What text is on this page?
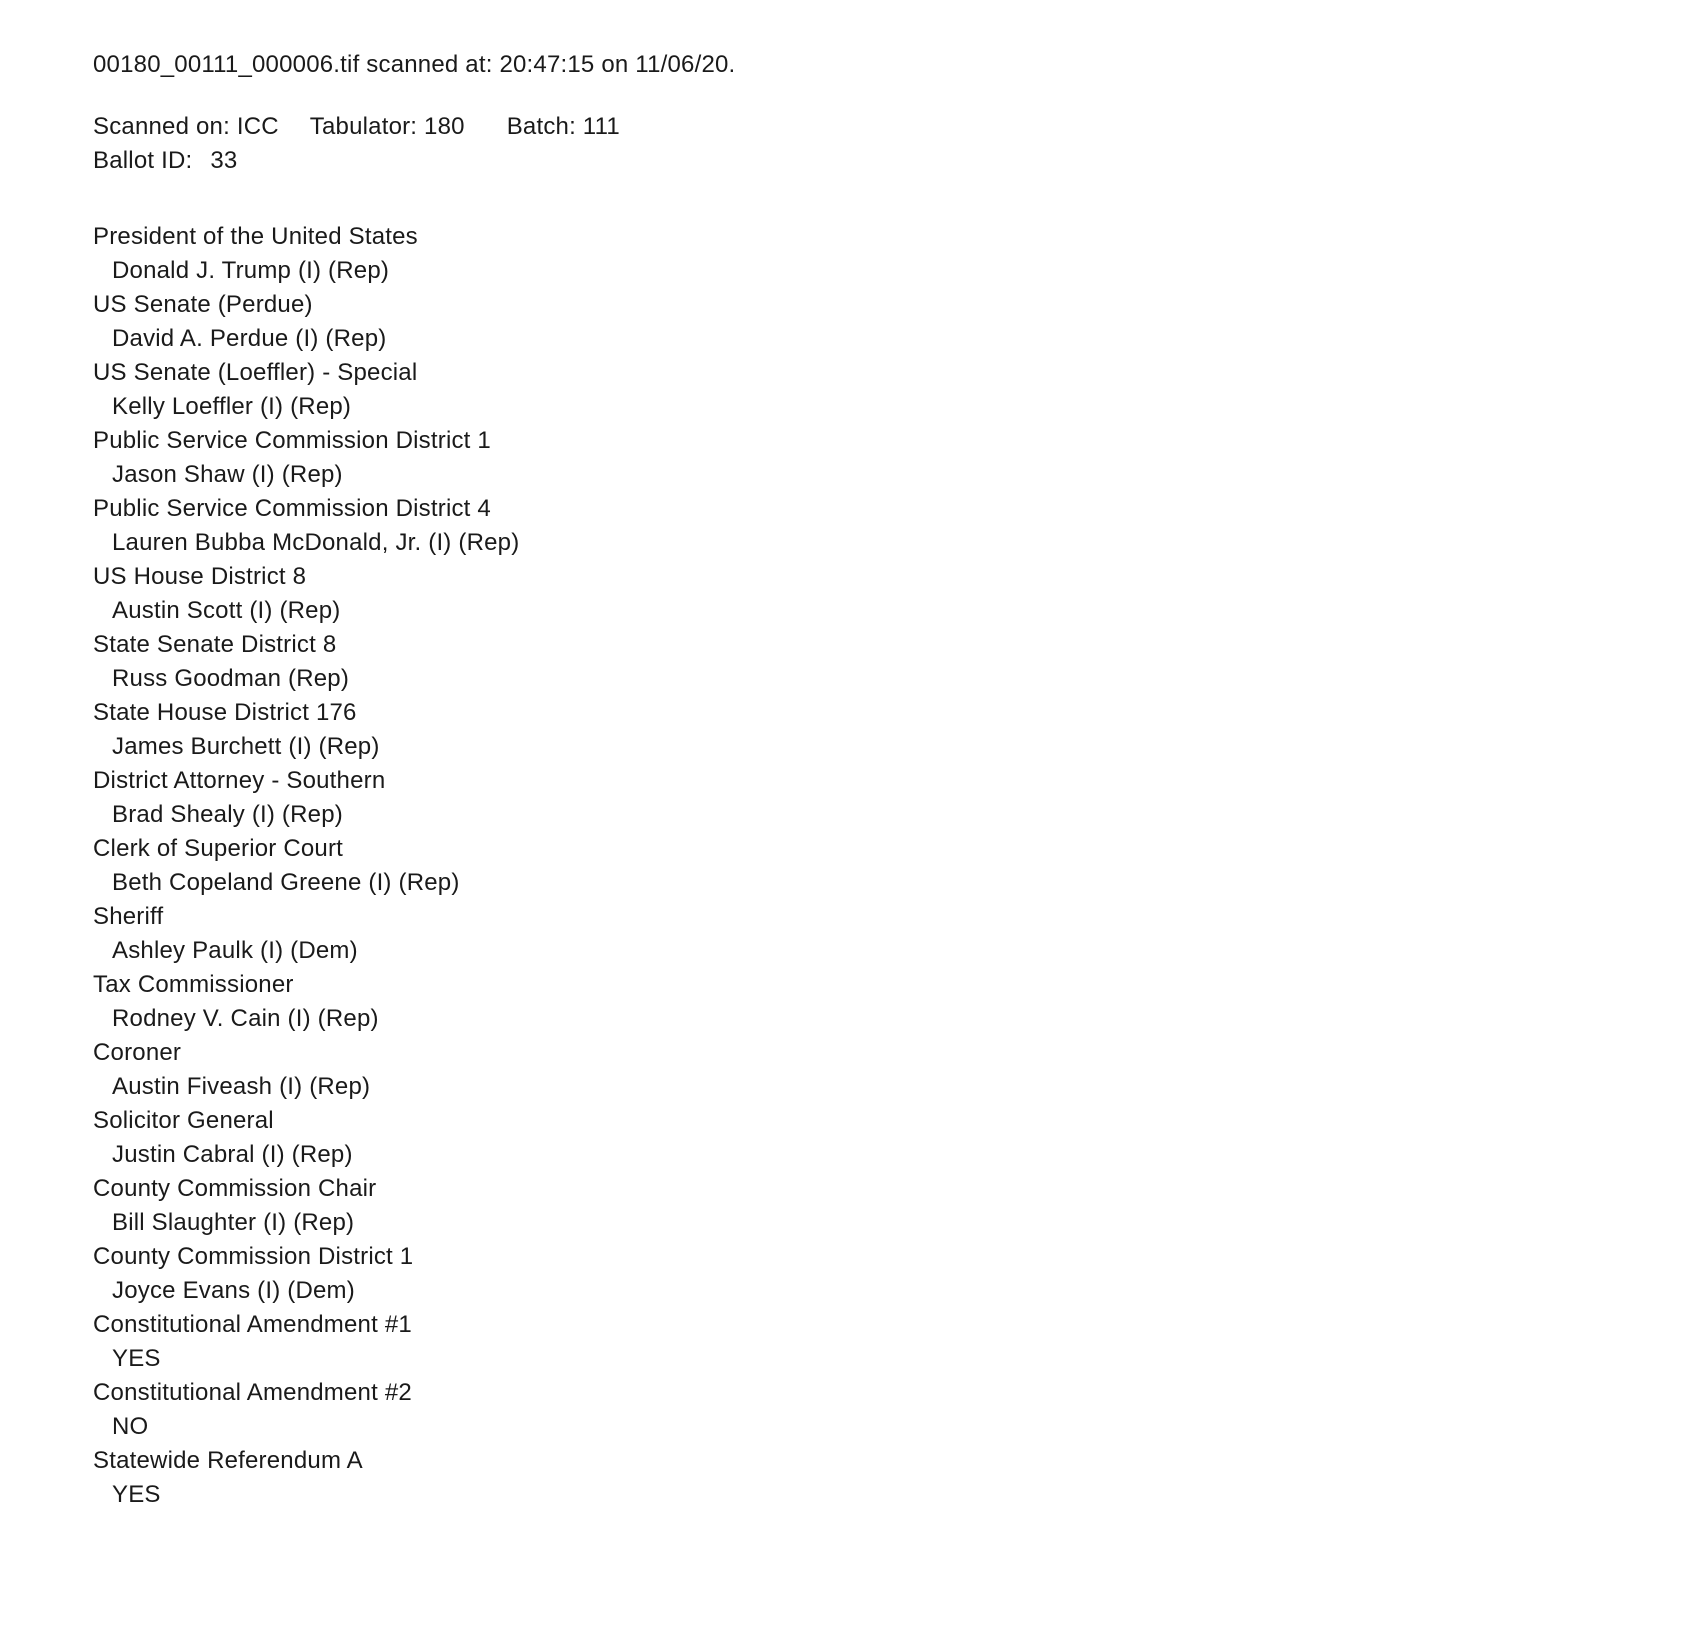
00180_00111_000006.tif scanned at: 20:47:15 on 11/06/20.
Scanned on: ICC Tabulator: 180 Batch: 111
Ballot ID: 33
President of the United States
Donald J. Trump (I) (Rep)
US Senate (Perdue)
David A. Perdue (I) (Rep)
US Senate (Loeffler) - Special
Kelly Loeffler (I) (Rep)
Public Service Commission District 1
Jason Shaw (I) (Rep)
Public Service Commission District 4
Lauren Bubba McDonald, Jr. (I) (Rep)
US House District 8
Austin Scott (I) (Rep)
State Senate District 8
Russ Goodman (Rep)
State House District 176
James Burchett (I) (Rep)
District Attorney - Southern
Brad Shealy (I) (Rep)
Clerk of Superior Court
Beth Copeland Greene (I) (Rep)
Sheriff
Ashley Paulk (I) (Dem)
Tax Commissioner
Rodney V. Cain (I) (Rep)
Coroner
Austin Fiveash (I) (Rep)
Solicitor General
Justin Cabral (I) (Rep)
County Commission Chair
Bill Slaughter (I) (Rep)
County Commission District 1
Joyce Evans (I) (Dem)
Constitutional Amendment #1
YES
Constitutional Amendment #2
NO
Statewide Referendum A
YES
